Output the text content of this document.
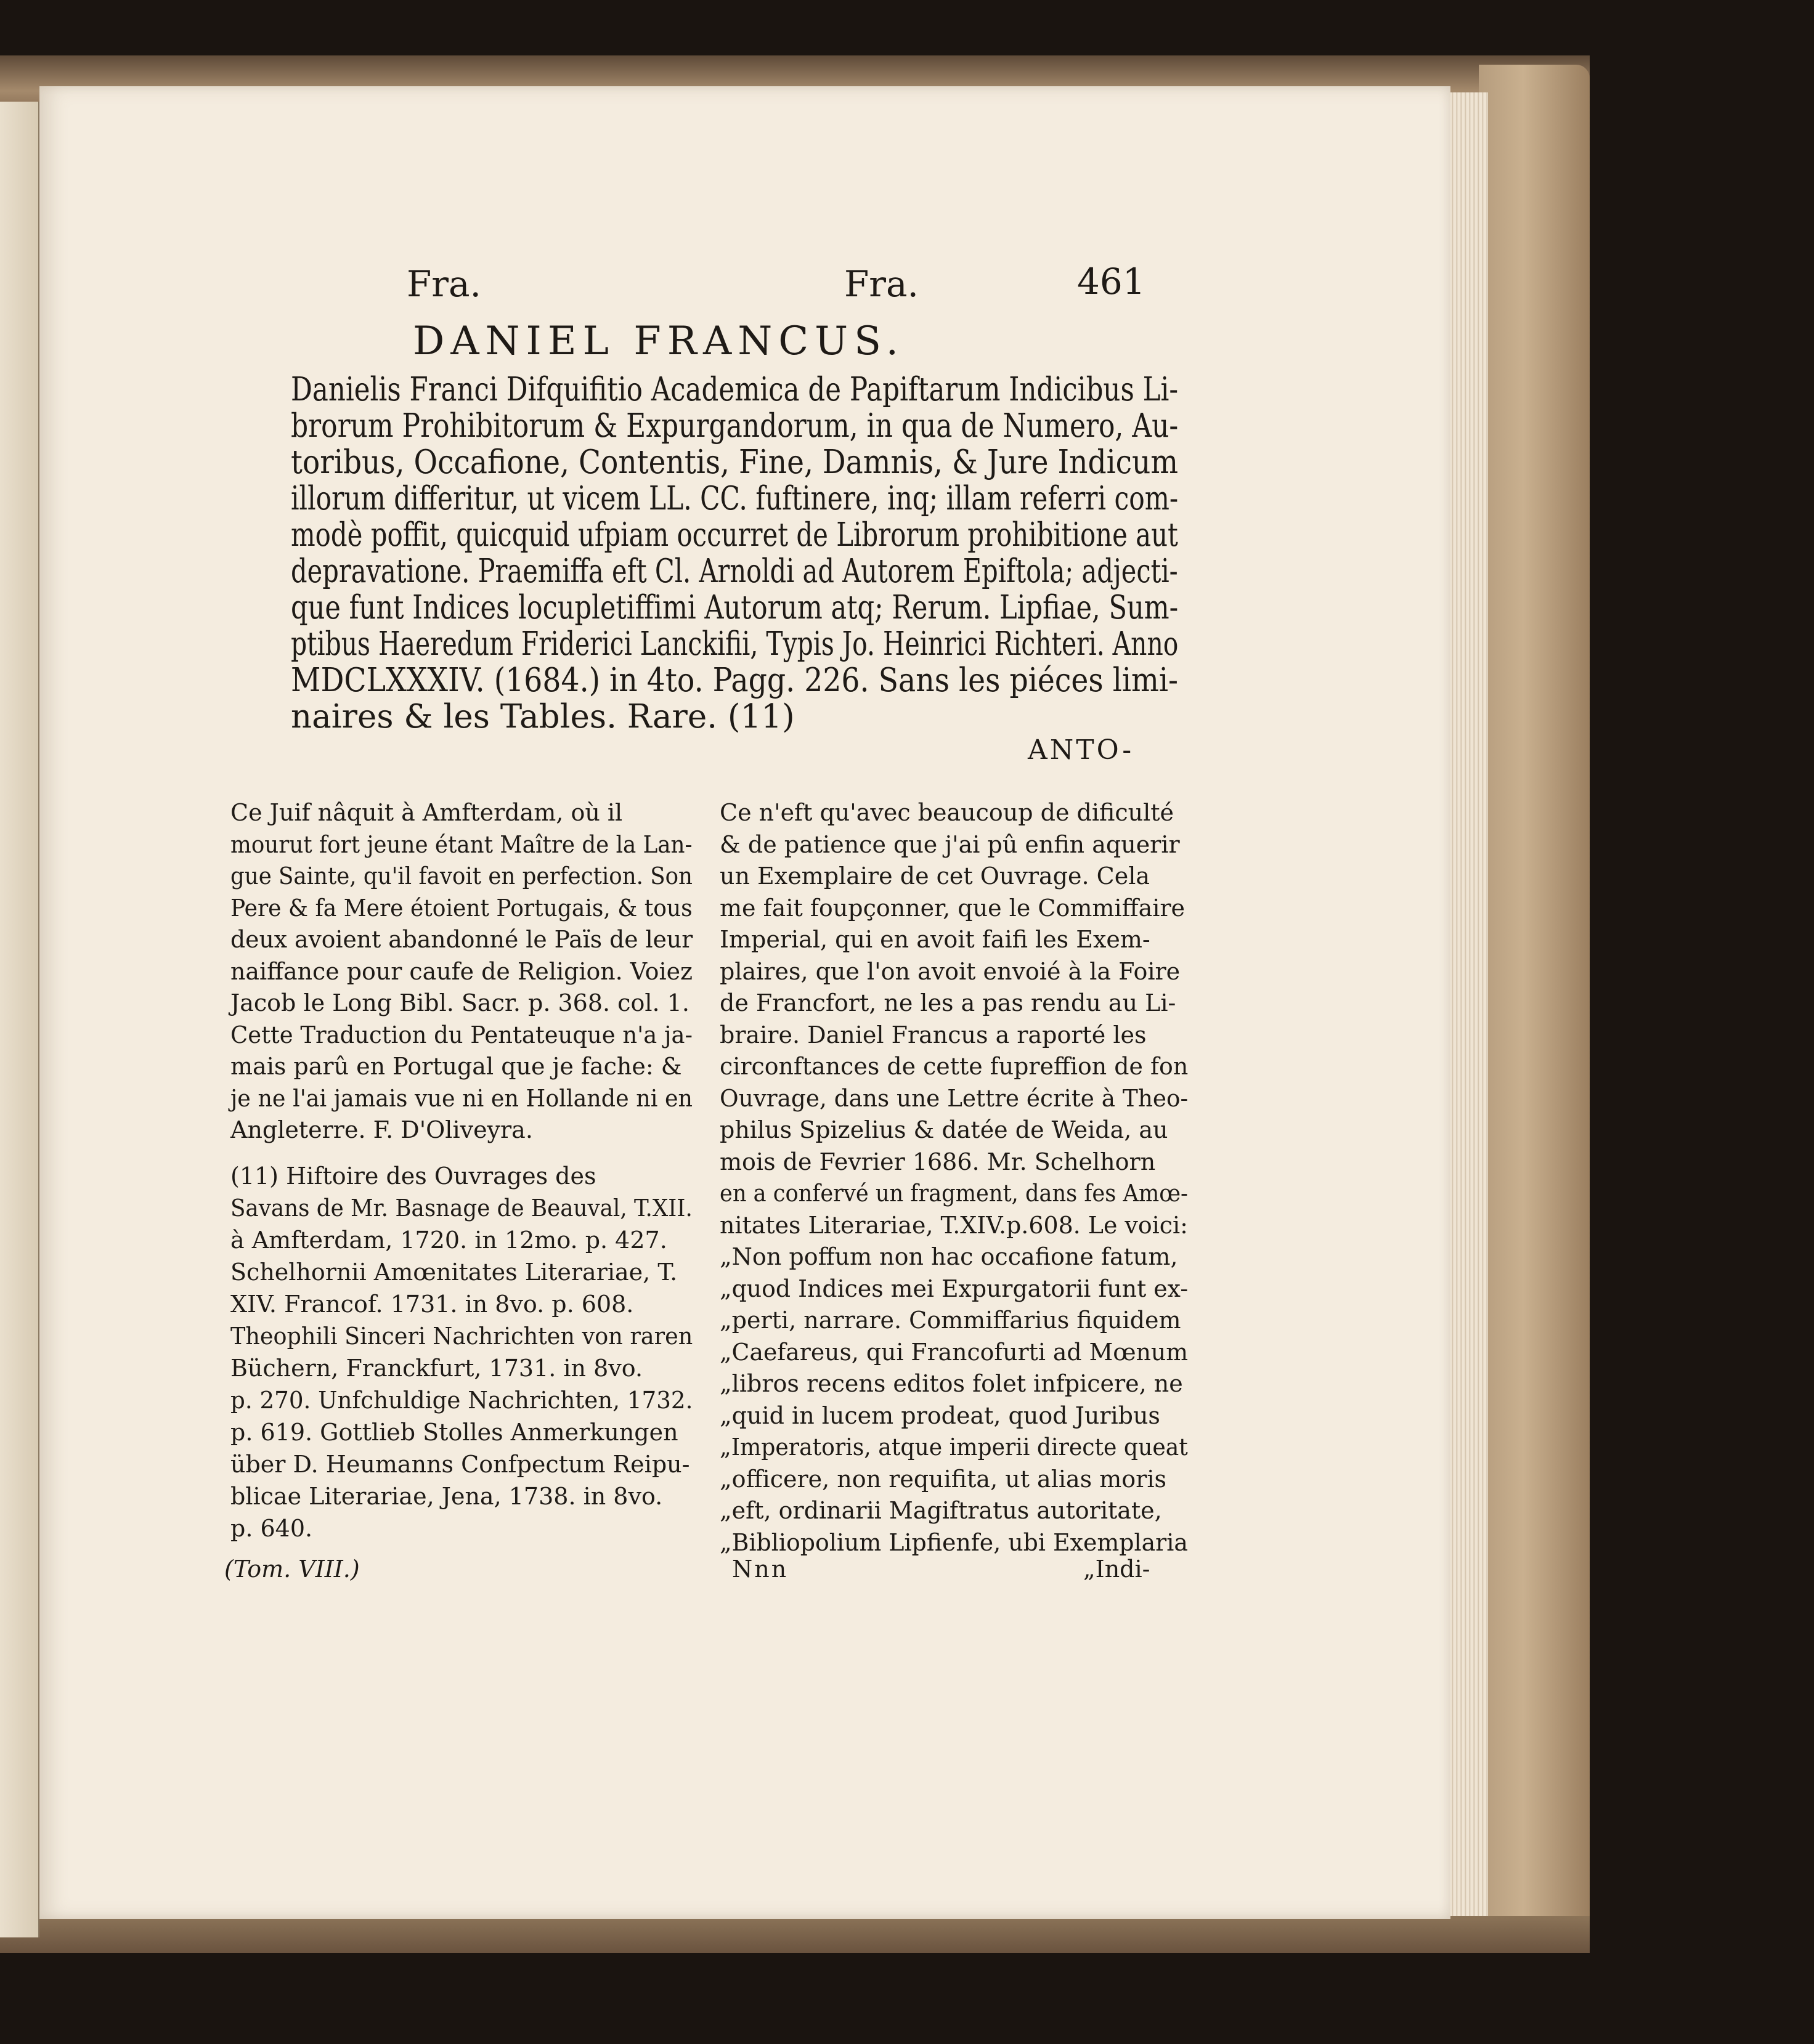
Fra.	Fra.	461
DANIEL FRANCUS.
Danielis Franci Difquifitio Academica de Papiftarum Indicibus Li-
brorum Prohibitorum & Expurgandorum, in qua de Numero, Au-
toribus, Occafione, Contentis, Fine, Damnis, & Jure Indicum
illorum differitur, ut vicem LL. CC. fuftinere, inq; illam referri com-
modè poffit, quicquid ufpiam occurret de Librorum prohibitione aut
depravatione. Praemiffa eft Cl. Arnoldi ad Autorem Epiftola; adjecti-
que funt Indices locupletiffimi Autorum atq; Rerum. Lipfiae, Sum-
ptibus Haeredum Friderici Lanckifii, Typis Jo. Heinrici Richteri. Anno
MDCLXXXIV. (1684.) in 4to. Pagg. 226. Sans les piéces limi-
naires & les Tables. Rare. (11)
ANTO-
Ce Juif nâquit à Amfterdam, où il
mourut fort jeune étant Maître de la Lan-
gue Sainte, qu'il favoit en perfection. Son
Pere & fa Mere étoient Portugais, & tous
deux avoient abandonné le Païs de leur
naiffance pour caufe de Religion. Voiez
Jacob le Long Bibl. Sacr. p. 368. col. 1.
Cette Traduction du Pentateuque n'a ja-
mais parû en Portugal que je fache: &
je ne l'ai jamais vue ni en Hollande ni en
Angleterre. F. D'Oliveyra.
(11) Hiftoire des Ouvrages des
Savans de Mr. Basnage de Beauval, T.XII.
à Amfterdam, 1720. in 12mo. p. 427.
Schelhornii Amœnitates Literariae, T.
XIV. Francof. 1731. in 8vo. p. 608.
Theophili Sinceri Nachrichten von raren
Büchern, Franckfurt, 1731. in 8vo.
p. 270. Unfchuldige Nachrichten, 1732.
p. 619. Gottlieb Stolles Anmerkungen
über D. Heumanns Confpectum Reipu-
blicae Literariae, Jena, 1738. in 8vo.
p. 640.
(Tom. VIII.)
Ce n'eft qu'avec beaucoup de dificulté
& de patience que j'ai pû enfin aquerir
un Exemplaire de cet Ouvrage. Cela
me fait foupçonner, que le Commiffaire
Imperial, qui en avoit faifi les Exem-
plaires, que l'on avoit envoié à la Foire
de Francfort, ne les a pas rendu au Li-
braire. Daniel Francus a raporté les
circonftances de cette fupreffion de fon
Ouvrage, dans une Lettre écrite à Theo-
philus Spizelius & datée de Weida, au
mois de Fevrier 1686. Mr. Schelhorn
en a confervé un fragment, dans fes Amœ-
nitates Literariae, T.XIV.p.608. Le voici:
„Non poffum non hac occafione fatum,
„quod Indices mei Expurgatorii funt ex-
„perti, narrare. Commiffarius fiquidem
„Caefareus, qui Francofurti ad Mœnum
„libros recens editos folet infpicere, ne
„quid in lucem prodeat, quod Juribus
„Imperatoris, atque imperii directe queat
„officere, non requifita, ut alias moris
„eft, ordinarii Magiftratus autoritate,
„Bibliopolium Lipfienfe, ubi Exemplaria
Nnn	„Indi-
